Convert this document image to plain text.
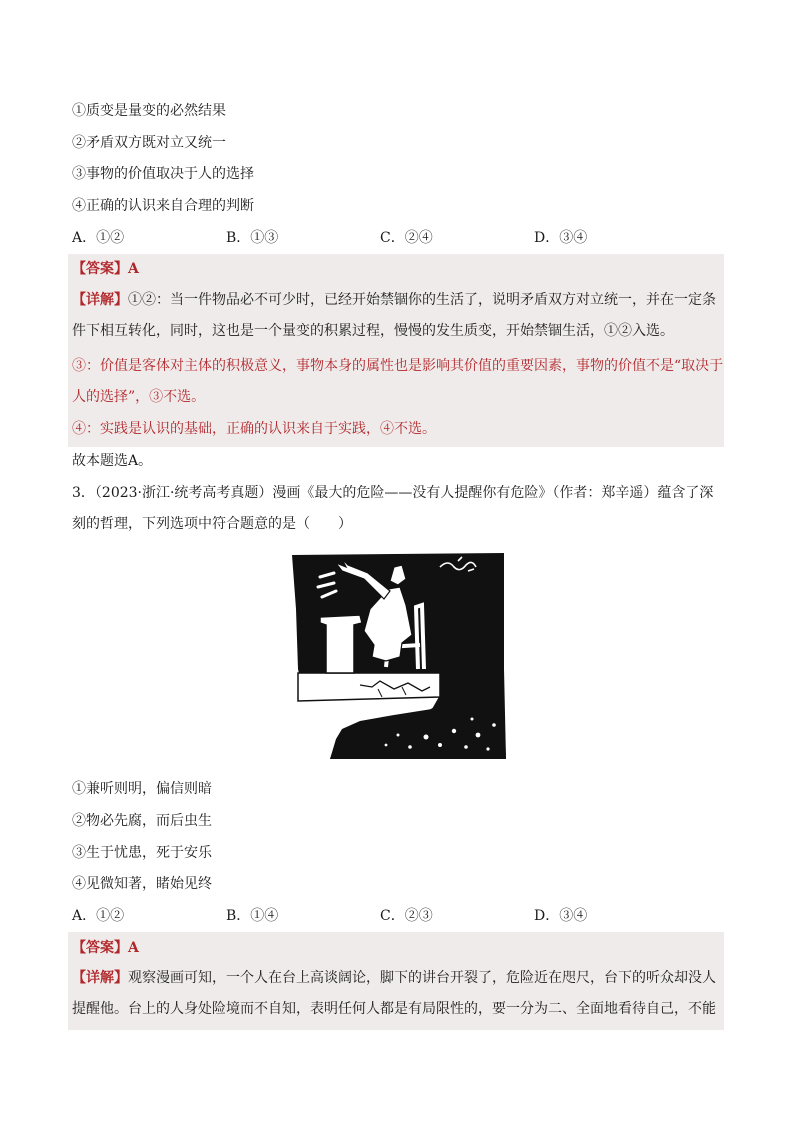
①质变是量变的必然结果
②矛盾双方既对立又统一
③事物的价值取决于人的选择
④正确的认识来自合理的判断
A．①②	B．①③	C．②④	D．③④
【答案】A
【详解】①②：当一件物品必不可少时，已经开始禁锢你的生活了，说明矛盾双方对立统一，并在一定条件下相互转化，同时，这也是一个量变的积累过程，慢慢的发生质变，开始禁锢生活，①②入选。
③：价值是客体对主体的积极意义，事物本身的属性也是影响其价值的重要因素，事物的价值不是“取决于人的选择”，③不选。
④：实践是认识的基础，正确的认识来自于实践，④不选。
故本题选A。
3．（2023·浙江·统考高考真题）漫画《最大的危险——没有人提醒你有危险》（作者：郑辛遥）蕴含了深刻的哲理，下列选项中符合题意的是（　　）
①兼听则明，偏信则暗
②物必先腐，而后虫生
③生于忧患，死于安乐
④见微知著，睹始见终
A．①②	B．①④	C．②③	D．③④
【答案】A
【详解】观察漫画可知，一个人在台上高谈阔论，脚下的讲台开裂了，危险近在咫尺，台下的听众却没人提醒他。台上的人身处险境而不自知，表明任何人都是有局限性的，要一分为二、全面地看待自己，不能
